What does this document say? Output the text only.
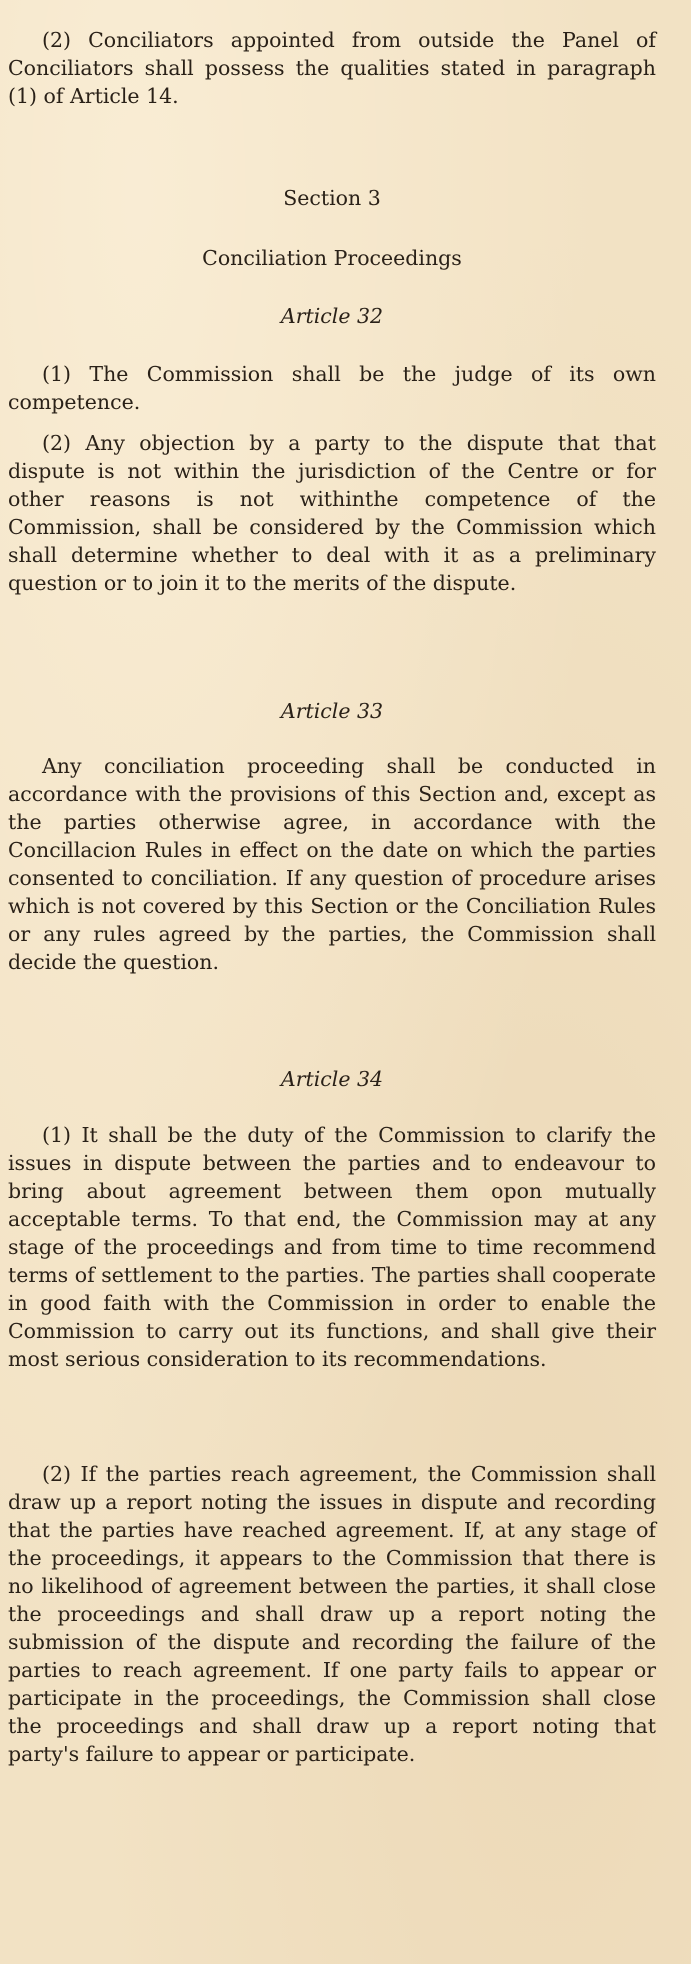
(2) Conciliators appointed from outside the Panel of Conciliators shall possess the qualities stated in paragraph (1) of Article 14.

Section 3

Conciliation Proceedings

Article 32

(1) The Commission shall be the judge of its own competence.

(2) Any objection by a party to the dispute that that dispute is not within the jurisdiction of the Centre or for other reasons is not withinthe competence of the Commission, shall be considered by the Commission which shall determine whether to deal with it as a preliminary question or to join it to the merits of the dispute.

Article 33

Any conciliation proceeding shall be conducted in accordance with the provisions of this Section and, except as the parties otherwise agree, in accordance with the Concillacion Rules in effect on the date on which the parties consented to conciliation. If any question of procedure arises which is not covered by this Section or the Conciliation Rules or any rules agreed by the parties, the Commission shall decide the question.

Article 34

(1) It shall be the duty of the Commission to clarify the issues in dispute between the parties and to endeavour to bring about agreement between them opon mutually acceptable terms. To that end, the Commission may at any stage of the proceedings and from time to time recommend terms of settlement to the parties. The parties shall cooperate in good faith with the Commission in order to enable the Commission to carry out its functions, and shall give their most serious consideration to its recommendations.

(2) If the parties reach agreement, the Commission shall draw up a report noting the issues in dispute and recording that the parties have reached agreement. If, at any stage of the proceedings, it appears to the Commission that there is no likelihood of agreement between the parties, it shall close the proceedings and shall draw up a report noting the submission of the dispute and recording the failure of the parties to reach agreement. If one party fails to appear or participate in the proceedings, the Commission shall close the proceedings and shall draw up a report noting that party's failure to appear or participate.
